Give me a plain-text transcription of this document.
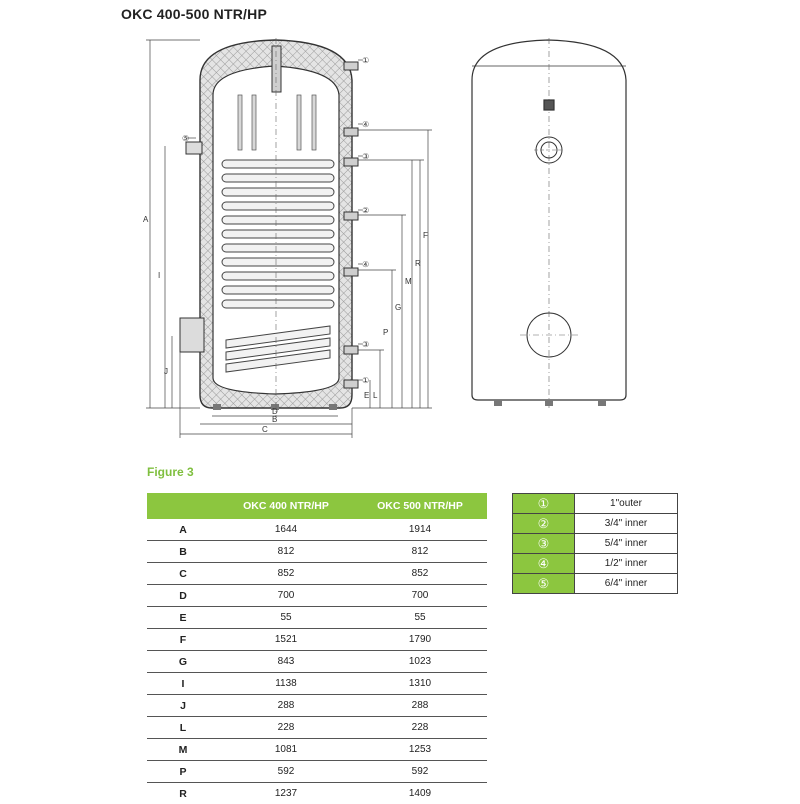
OKC 400-500 NTR/HP
A
I
J
D
B
C
E L
P
G
M
R
F
①
④
③
②
④
③
①
⑤
Figure 3
	OKC 400 NTR/HP	OKC 500 NTR/HP
A	1644	1914
B	812	812
C	852	852
D	700	700
E	55	55
F	1521	1790
G	843	1023
I	1138	1310
J	288	288
L	228	228
M	1081	1253
P	592	592
R	1237	1409
①	1"outer
②	3/4" inner
③	5/4" inner
④	1/2" inner
⑤	6/4" inner
